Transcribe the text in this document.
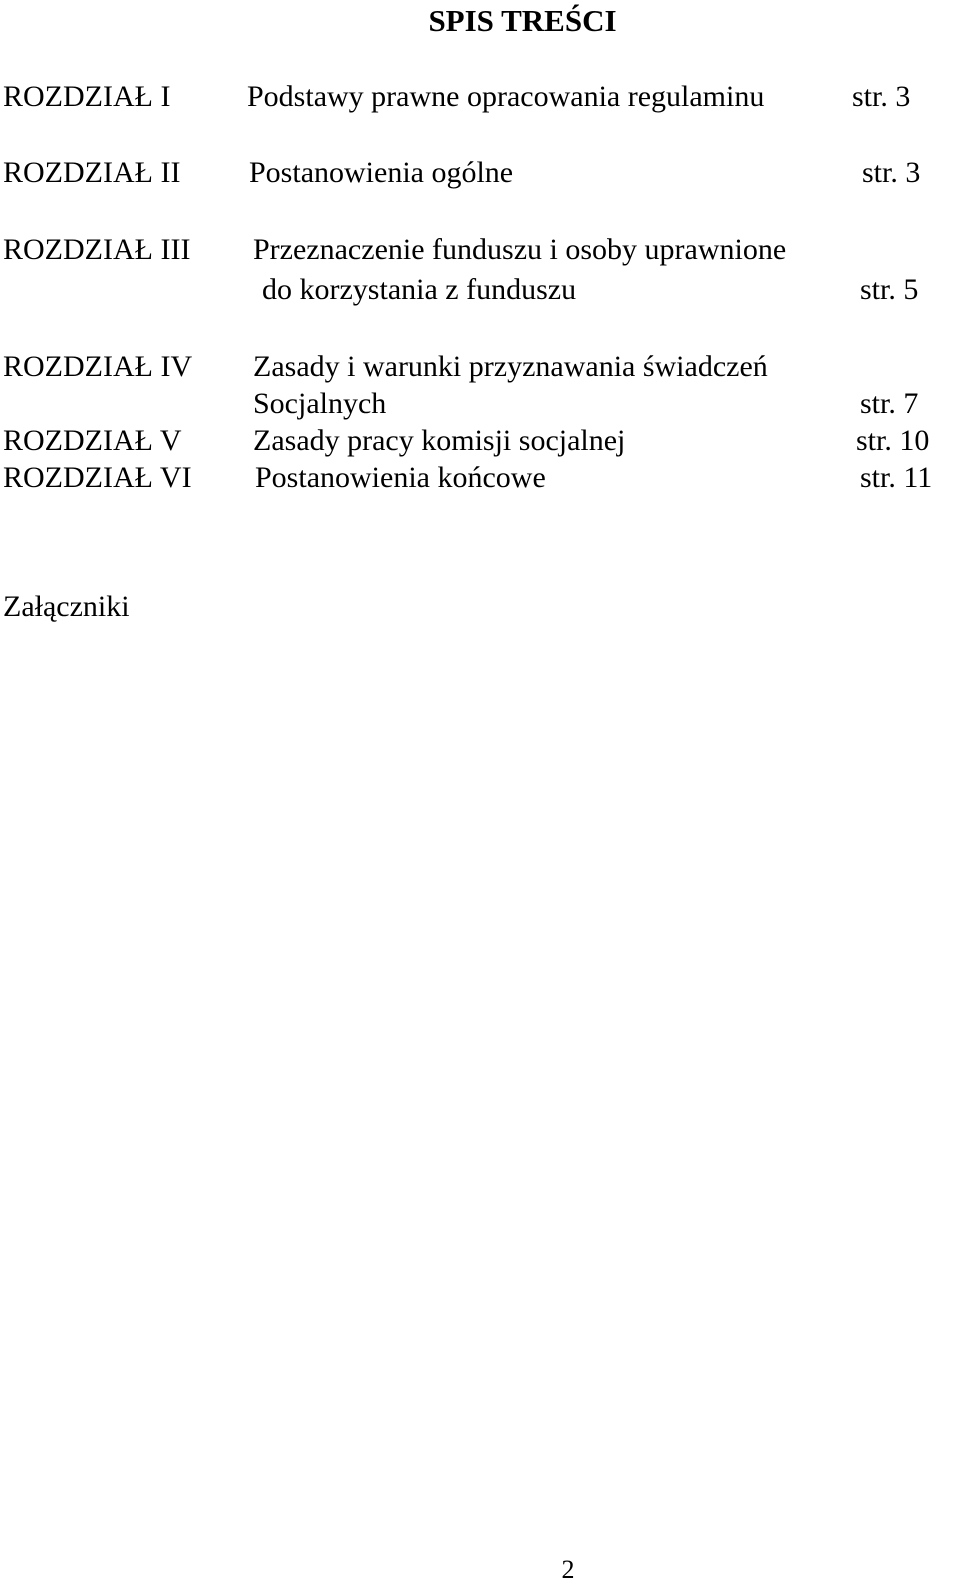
SPIS TREŚCI
ROZDZIAŁ I	Podstawy prawne opracowania regulaminu	str. 3
ROZDZIAŁ II Postanowienia ogólne	str. 3
ROZDZIAŁ III Przeznaczenie funduszu i osoby uprawnione
do korzystania z funduszu	str. 5
ROZDZIAŁ IV Zasady i warunki przyznawania świadczeń
Socjalnych	str. 7
ROZDZIAŁ V Zasady pracy komisji socjalnej	str. 10
ROZDZIAŁ VI Postanowienia końcowe	str. 11
Załączniki
2
